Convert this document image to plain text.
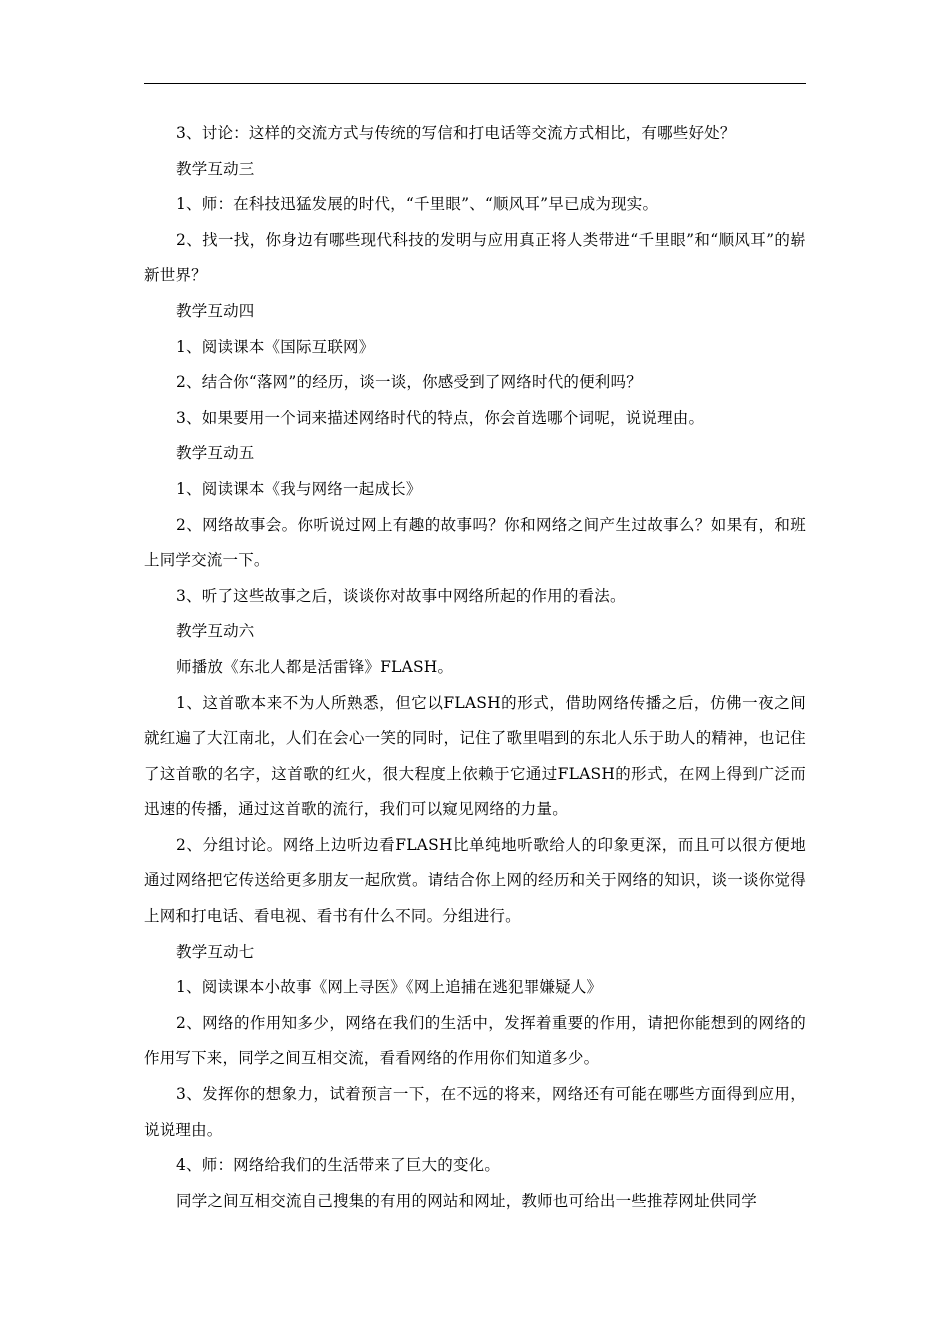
3、讨论：这样的交流方式与传统的写信和打电话等交流方式相比，有哪些好处？

教学互动三

1、师：在科技迅猛发展的时代，“千里眼”、“顺风耳”早已成为现实。

2、找一找，你身边有哪些现代科技的发明与应用真正将人类带进“千里眼”和“顺风耳”的崭新世界？

教学互动四

1、阅读课本《国际互联网》

2、结合你“落网”的经历，谈一谈，你感受到了网络时代的便利吗？

3、如果要用一个词来描述网络时代的特点，你会首选哪个词呢，说说理由。

教学互动五

1、阅读课本《我与网络一起成长》

2、网络故事会。你听说过网上有趣的故事吗？你和网络之间产生过故事么？如果有，和班上同学交流一下。

3、听了这些故事之后，谈谈你对故事中网络所起的作用的看法。

教学互动六

师播放《东北人都是活雷锋》FLASH。

1、这首歌本来不为人所熟悉，但它以FLASH的形式，借助网络传播之后，仿佛一夜之间就红遍了大江南北，人们在会心一笑的同时，记住了歌里唱到的东北人乐于助人的精神，也记住了这首歌的名字，这首歌的红火，很大程度上依赖于它通过FLASH的形式，在网上得到广泛而迅速的传播，通过这首歌的流行，我们可以窥见网络的力量。

2、分组讨论。网络上边听边看FLASH比单纯地听歌给人的印象更深，而且可以很方便地通过网络把它传送给更多朋友一起欣赏。请结合你上网的经历和关于网络的知识，谈一谈你觉得上网和打电话、看电视、看书有什么不同。分组进行。

教学互动七

1、阅读课本小故事《网上寻医》《网上追捕在逃犯罪嫌疑人》

2、网络的作用知多少，网络在我们的生活中，发挥着重要的作用，请把你能想到的网络的作用写下来，同学之间互相交流，看看网络的作用你们知道多少。

3、发挥你的想象力，试着预言一下，在不远的将来，网络还有可能在哪些方面得到应用，说说理由。

4、师：网络给我们的生活带来了巨大的变化。

同学之间互相交流自己搜集的有用的网站和网址，教师也可给出一些推荐网址供同学
